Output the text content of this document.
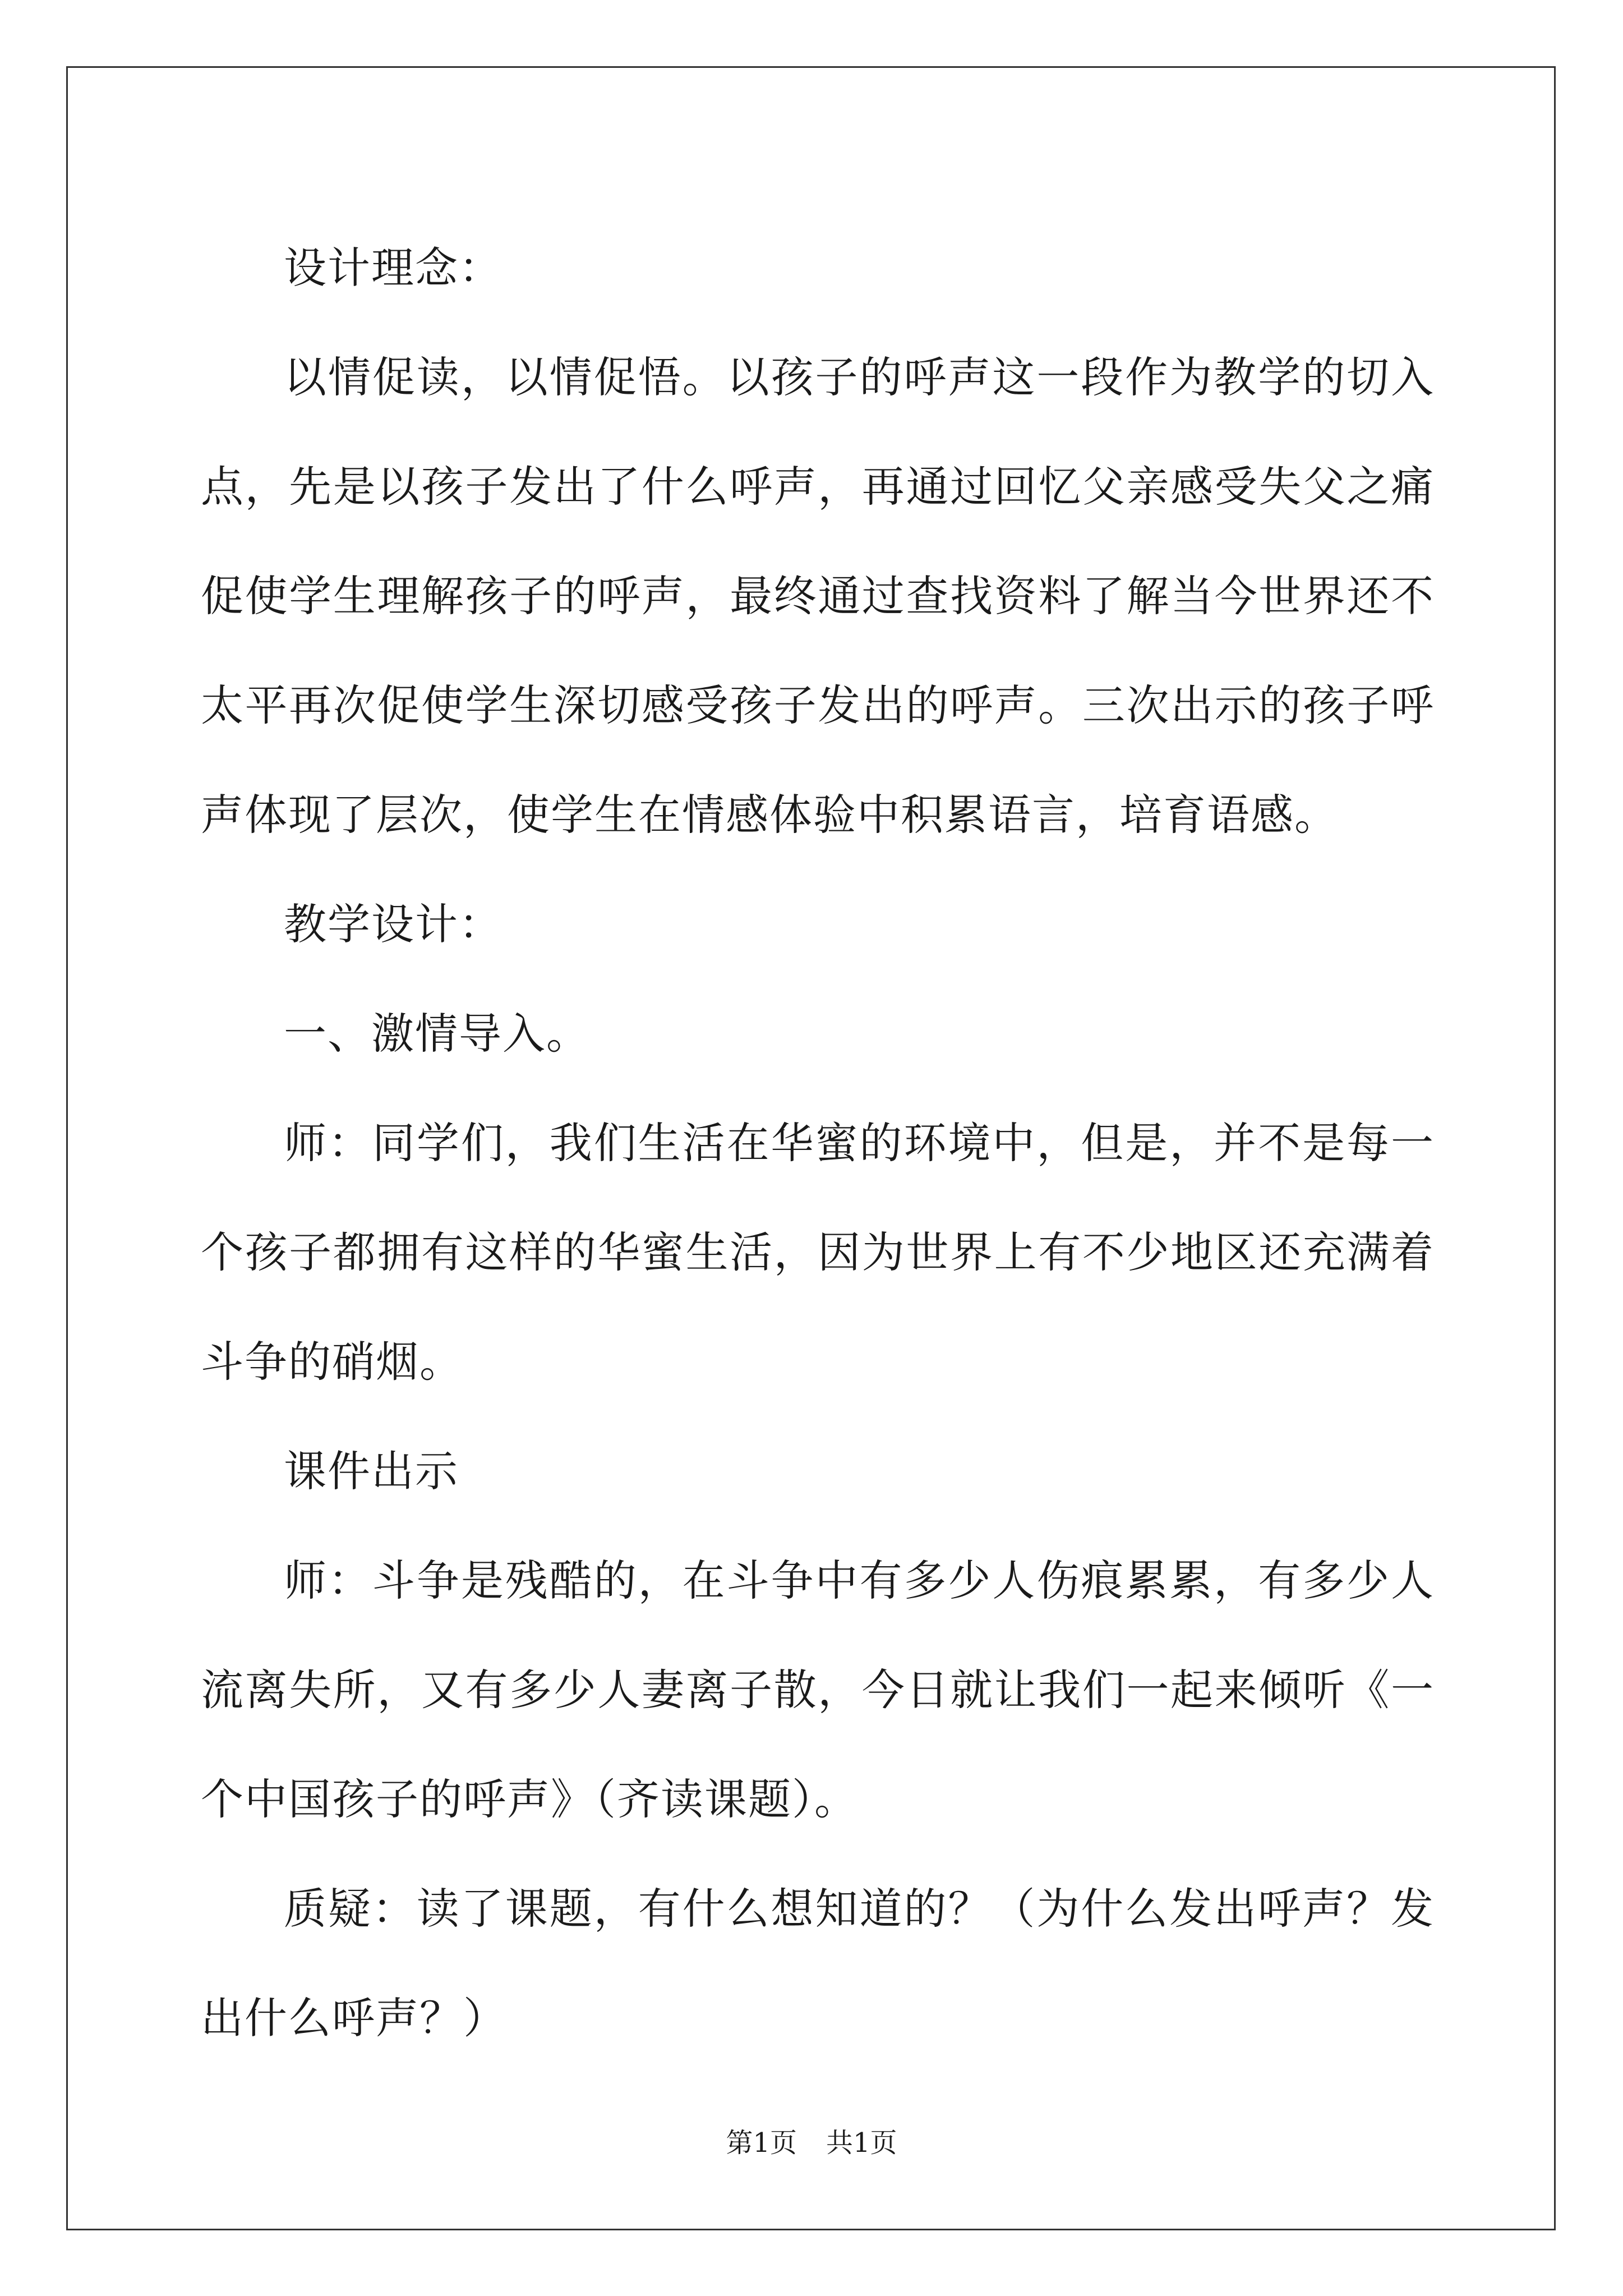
设计理念：

以情促读，以情促悟。以孩子的呼声这一段作为教学的切入点，先是以孩子发出了什么呼声，再通过回忆父亲感受失父之痛促使学生理解孩子的呼声，最终通过查找资料了解当今世界还不太平再次促使学生深切感受孩子发出的呼声。三次出示的孩子呼声体现了层次，使学生在情感体验中积累语言，培育语感。

教学设计：

一、激情导入。

师：同学们，我们生活在华蜜的环境中，但是，并不是每一个孩子都拥有这样的华蜜生活，因为世界上有不少地区还充满着斗争的硝烟。

课件出示

师：斗争是残酷的，在斗争中有多少人伤痕累累，有多少人流离失所，又有多少人妻离子散，今日就让我们一起来倾听《一个中国孩子的呼声》（齐读课题）。

质疑：读了课题，有什么想知道的？（为什么发出呼声？发出什么呼声？）

第1页 共1页
